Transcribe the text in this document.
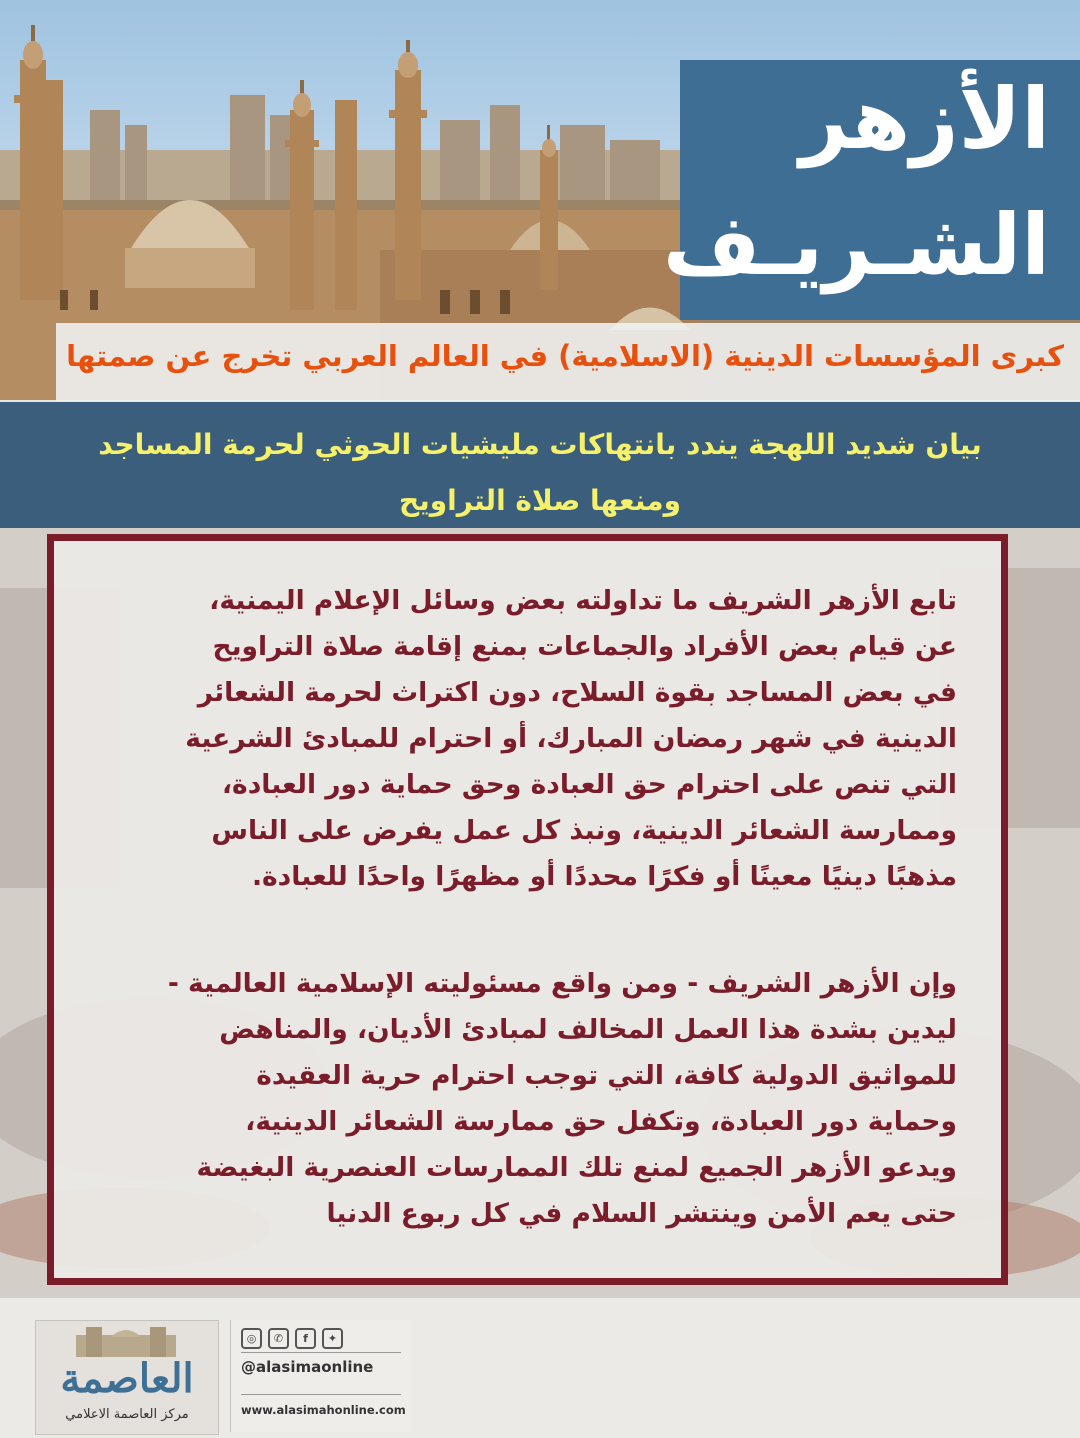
الأزهر
الشـريـف
كبرى المؤسسات الدينية (الاسلامية) في العالم العربي تخرج عن صمتها
بيان شديد اللهجة يندد بانتهاكات مليشيات الحوثي لحرمة المساجد
ومنعها صلاة التراويح

تابع الأزهر الشريف ما تداولته بعض وسائل الإعلام اليمنية،
عن قيام بعض الأفراد والجماعات بمنع إقامة صلاة التراويح
في بعض المساجد بقوة السلاح، دون اكتراث لحرمة الشعائر
الدينية في شهر رمضان المبارك، أو احترام للمبادئ الشرعية
التي تنص على احترام حق العبادة وحق حماية دور العبادة،
وممارسة الشعائر الدينية، ونبذ كل عمل يفرض على الناس
مذهبًا دينيًا معينًا أو فكرًا محددًا أو مظهرًا واحدًا للعبادة.

وإن الأزهر الشريف - ومن واقع مسئوليته الإسلامية العالمية -
ليدين بشدة هذا العمل المخالف لمبادئ الأديان، والمناهض
للمواثيق الدولية كافة، التي توجب احترام حرية العقيدة
وحماية دور العبادة، وتكفل حق ممارسة الشعائر الدينية،
ويدعو الأزهر الجميع لمنع تلك الممارسات العنصرية البغيضة
حتى يعم الأمن وينتشر السلام في كل ربوع الدنيا

العاصمة
مركز العاصمة الاعلامي
◎	✆	f	✦
@alasimaonline
www.alasimahonline.com
